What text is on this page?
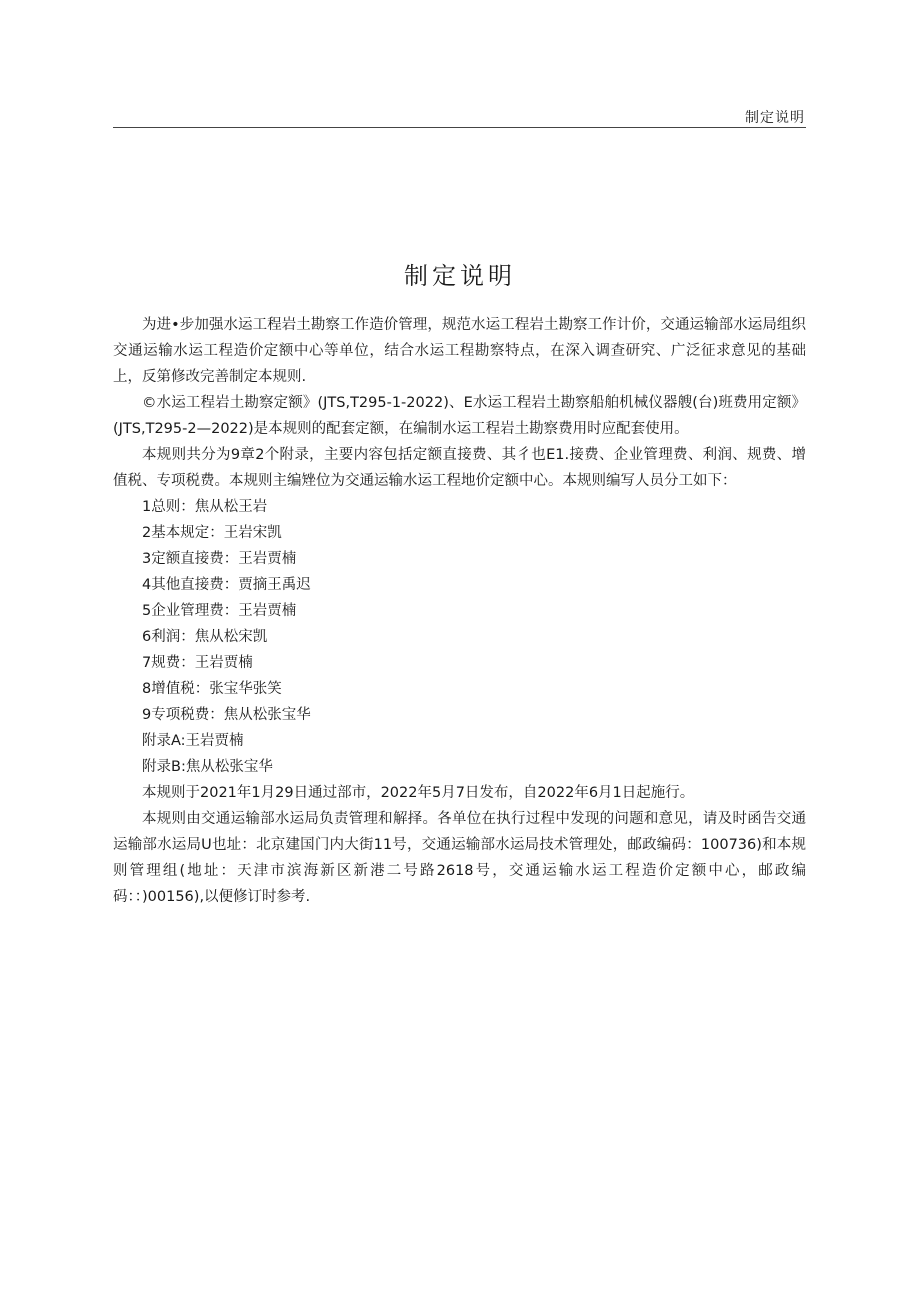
制定说明
制定说明

为进•步加强水运工程岩土勘察工作造价管理，规范水运工程岩土勘察工作计价，交通运输部水运局组织交通运输水运工程造价定额中心等单位，结合水运工程勘察特点，在深入调查研究、广泛征求意见的基础上，反第修改完善制定本规则.

©水运工程岩土勘察定额》(JTS,T295-1-2022)、E水运工程岩土勘察船舶机械仪器艘(台)班费用定额》(JTS,T295-2—2022)是本规则的配套定额，在编制水运工程岩土勘察费用时应配套使用。

本规则共分为9章2个附录，主要内容包括定额直接费、其彳也E1.接费、企业管理费、利润、规费、增值税、专项税费。本规则主编矬位为交通运输水运工程地价定额中心。本规则编写人员分工如下：

1总则：焦从松王岩
2基本规定：王岩宋凯
3定额直接费：王岩贾楠
4其他直接费：贾摘王禹迟
5企业管理费：王岩贾楠
6利润：焦从松宋凯
7规费：王岩贾楠
8增值税：张宝华张笑
9专项税费：焦从松张宝华
附录A:王岩贾楠
附录B:焦从松张宝华

本规则于2021年1月29日通过部市，2022年5月7日发布，自2022年6月1日起施行。

本规则由交通运输部水运局负责管理和解择。各单位在执行过程中发现的问题和意见，请及时函告交通运输部水运局U也址：北京建国门内大街11号，交通运输部水运局技术管理处，邮政编码：100736)和本规则管理组(地址：天津市滨海新区新港二号路2618号，交通运输水运工程造价定额中心，邮政编码：：)00156),以便修订时参考.
